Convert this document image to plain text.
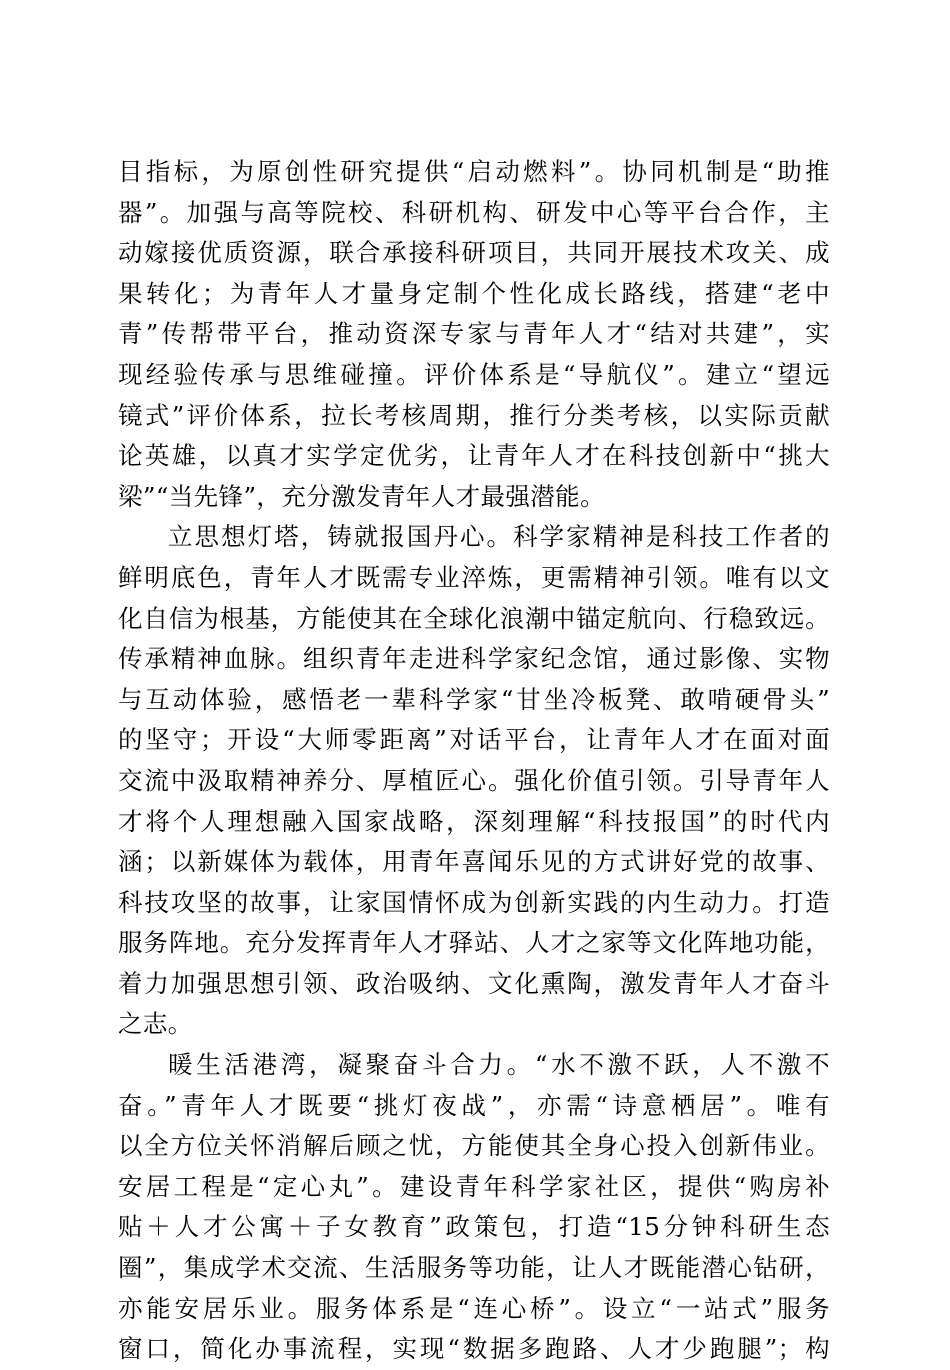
目指标，为原创性研究提供“启动燃料”。协同机制是“助推
器”。加强与高等院校、科研机构、研发中心等平台合作，主
动嫁接优质资源，联合承接科研项目，共同开展技术攻关、成
果转化；为青年人才量身定制个性化成长路线，搭建“老中
青”传帮带平台，推动资深专家与青年人才“结对共建”，实
现经验传承与思维碰撞。评价体系是“导航仪”。建立“望远
镜式”评价体系，拉长考核周期，推行分类考核，以实际贡献
论英雄，以真才实学定优劣，让青年人才在科技创新中“挑大
梁”“当先锋”，充分激发青年人才最强潜能。
立思想灯塔，铸就报国丹心。科学家精神是科技工作者的
鲜明底色，青年人才既需专业淬炼，更需精神引领。唯有以文
化自信为根基，方能使其在全球化浪潮中锚定航向、行稳致远。
传承精神血脉。组织青年走进科学家纪念馆，通过影像、实物
与互动体验，感悟老一辈科学家“甘坐冷板凳、敢啃硬骨头”
的坚守；开设“大师零距离”对话平台，让青年人才在面对面
交流中汲取精神养分、厚植匠心。强化价值引领。引导青年人
才将个人理想融入国家战略，深刻理解“科技报国”的时代内
涵；以新媒体为载体，用青年喜闻乐见的方式讲好党的故事、
科技攻坚的故事，让家国情怀成为创新实践的内生动力。打造
服务阵地。充分发挥青年人才驿站、人才之家等文化阵地功能，
着力加强思想引领、政治吸纳、文化熏陶，激发青年人才奋斗
之志。
暖生活港湾，凝聚奋斗合力。“水不激不跃，人不激不
奋。”青年人才既要“挑灯夜战”，亦需“诗意栖居”。唯有
以全方位关怀消解后顾之忧，方能使其全身心投入创新伟业。
安居工程是“定心丸”。建设青年科学家社区，提供“购房补
贴＋人才公寓＋子女教育”政策包，打造“15分钟科研生态
圈”，集成学术交流、生活服务等功能，让人才既能潜心钻研，
亦能安居乐业。服务体系是“连心桥”。设立“一站式”服务
窗口，简化办事流程，实现“数据多跑路、人才少跑腿”；构
